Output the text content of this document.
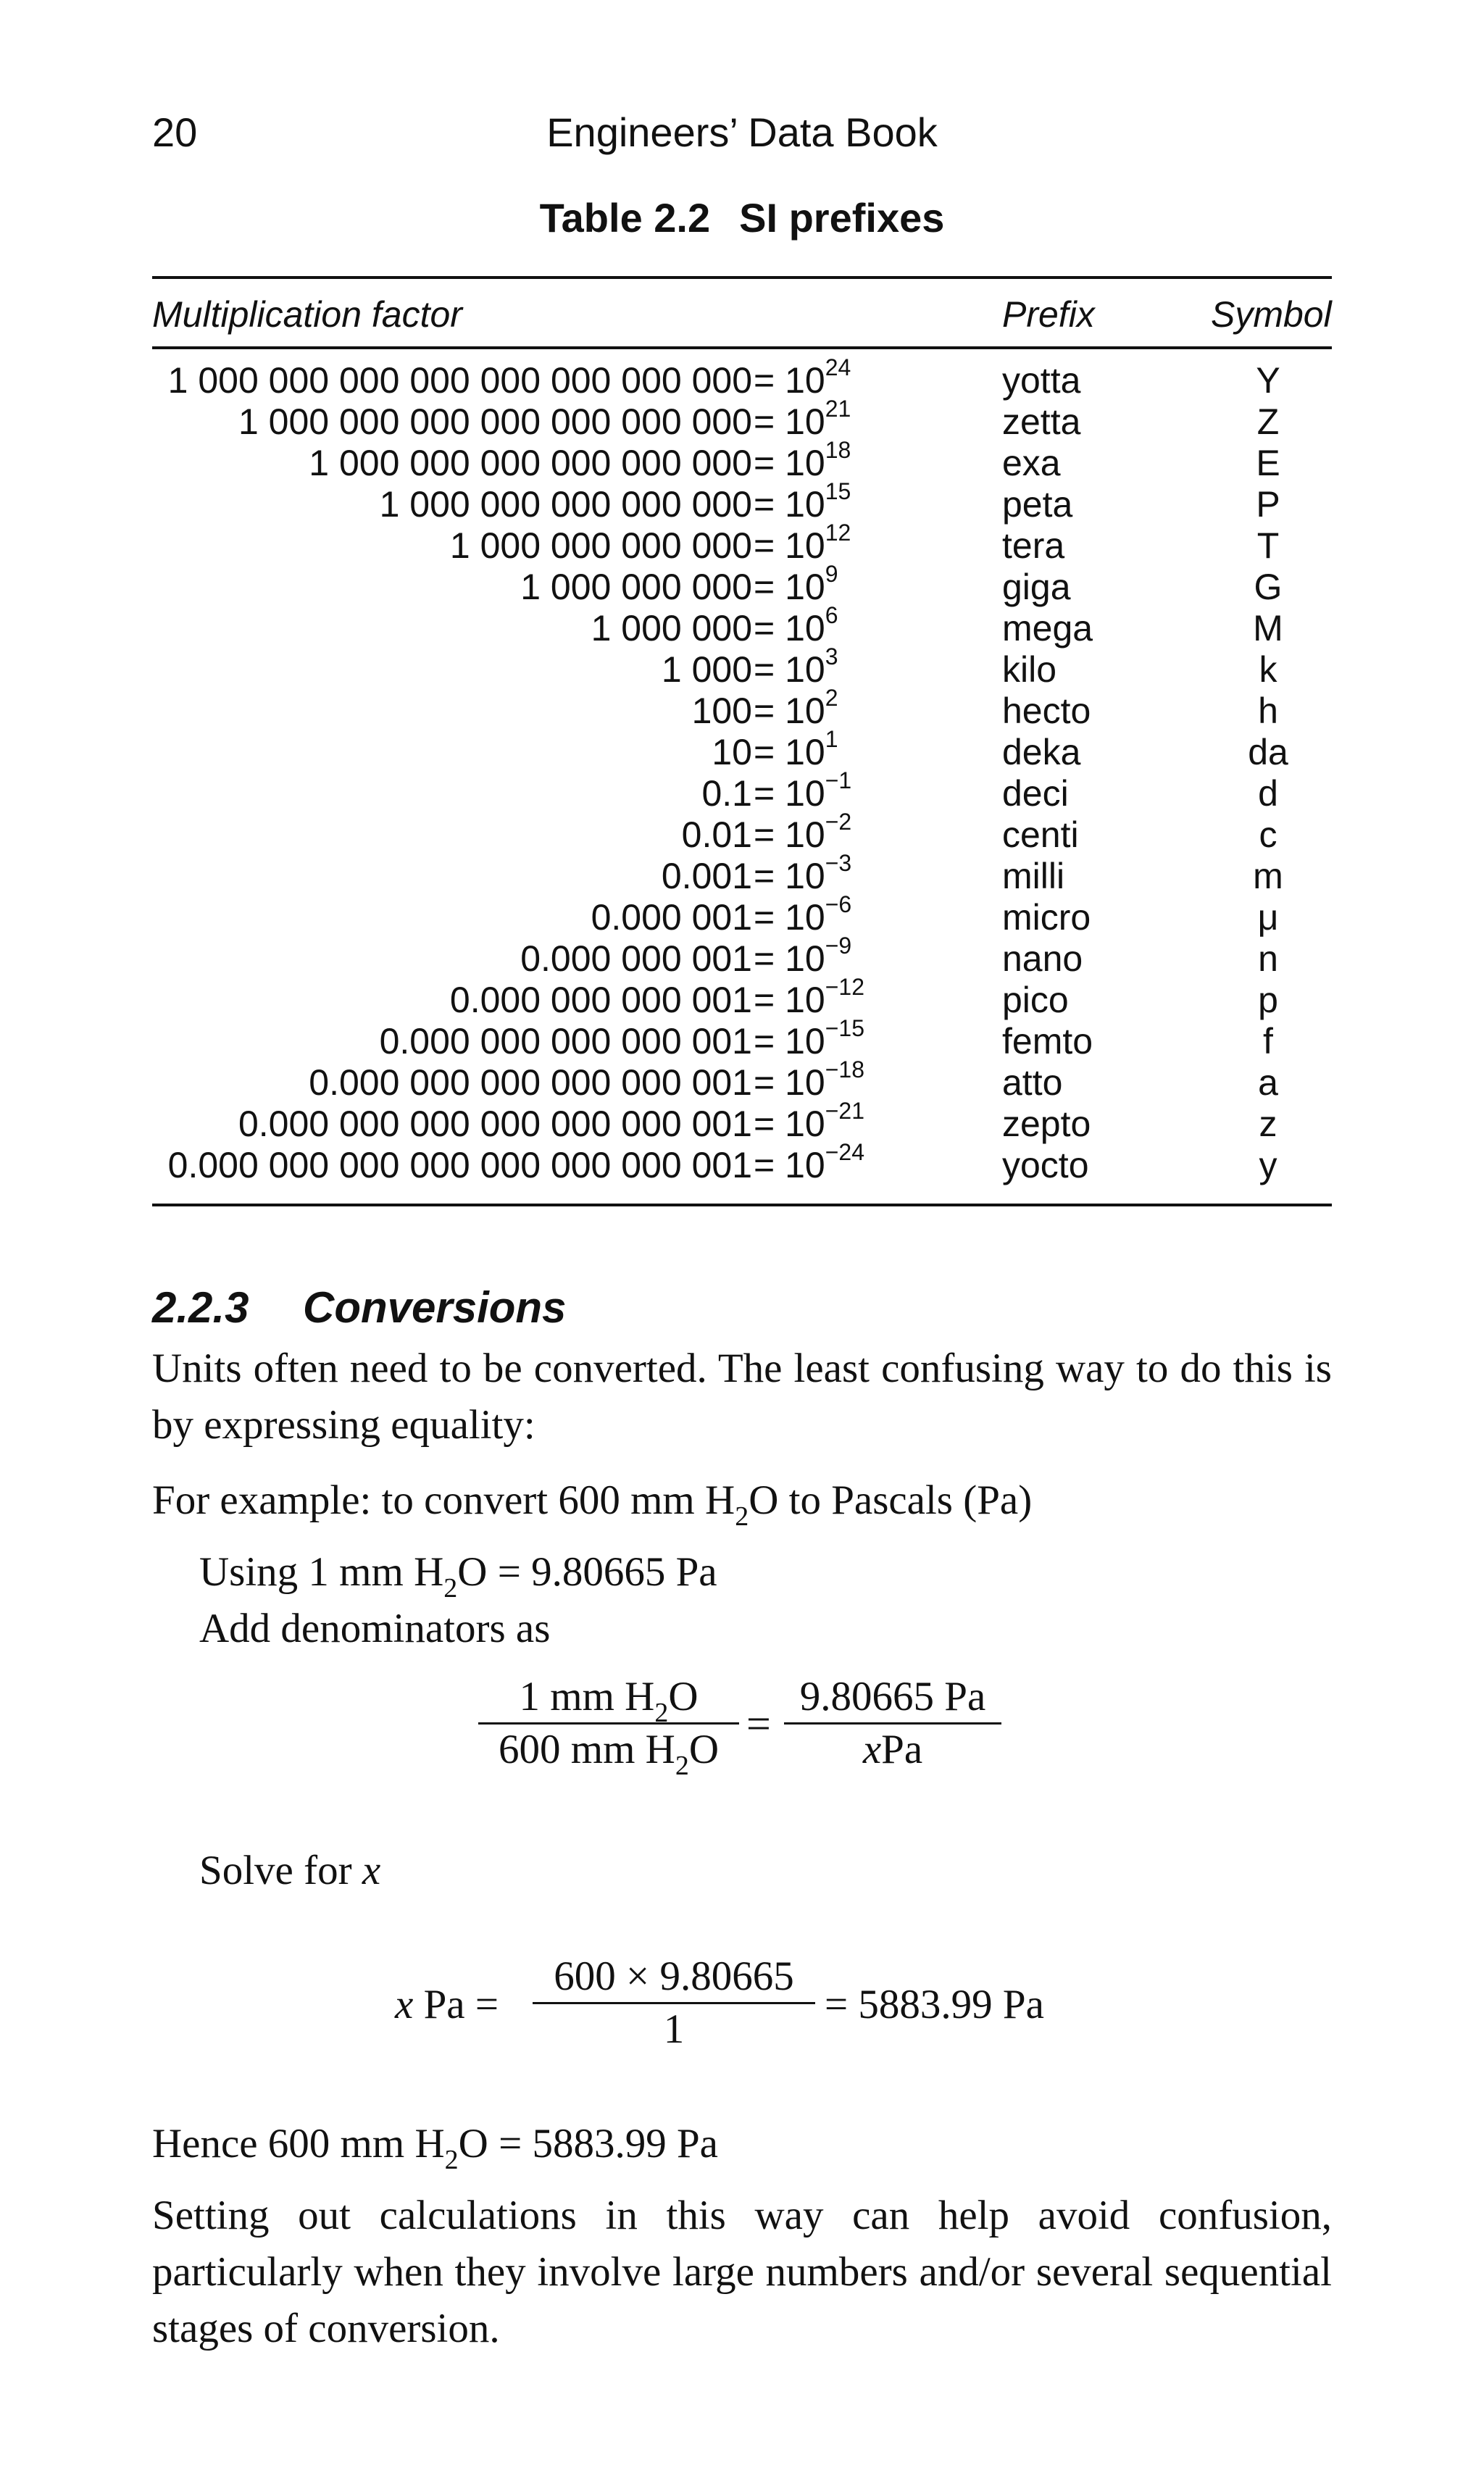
20	Engineers’ Data Book
Table 2.2 SI prefixes
Multiplication factor	Prefix	Symbol
1 000 000 000 000 000 000 000 $000 = 10^{24}$	yotta	Y
1 000 000 000 000 000 000 $000 = 10^{21}$	zetta	Z
1 000 000 000 000 000 $000 = 10^{18}$	exa	E
1 000 000 000 000 $000 = 10^{15}$	peta	P
1 000 000 000 $000 = 10^{12}$	tera	T
1 000 000 $000 = 10^9$	giga	G
1 000 $000 = 10^6$	mega	M
1 $000 = 10^3$	kilo	k
$100 = 10^2$	hecto	h
$10 = 10^1$	deka	da
$0.1 = 10^{-1}$	deci	d
$0.01 = 10^{-2}$	centi	c
$0.001 = 10^{-3}$	milli	m
0.000 $001 = 10^{-6}$	micro	μ
0.000 000 $001 = 10^{-9}$	nano	n
0.000 000 000 $001 = 10^{-12}$	pico	p
0.000 000 000 000 $001 = 10^{-15}$	femto	f
0.000 000 000 000 000 $001 = 10^{-18}$	atto	a
0.000 000 000 000 000 000 $001 = 10^{-21}$	zepto	z
0.000 000 000 000 000 000 000 $001 = 10^{-24}$	yocto	y
2.2.3 Conversions
Units often need to be converted. The least confusing way to do this is by expressing equality:
For example: to convert 600 mm $H_2O$ to Pascals (Pa)
Using 1 mm $H_2O = 9.80665$ Pa
Add denominators as
1 mm $H_2O$
600 mm $H_2O$
=
9.80665 Pa
xPa
Solve for x
x Pa =
600 × 9.80665
1
= 5883.99 Pa
Hence 600 mm $H_2O = 5883.99$ Pa
Setting out calculations in this way can help avoid confusion, particularly when they involve large numbers and/or several sequential stages of conversion.
